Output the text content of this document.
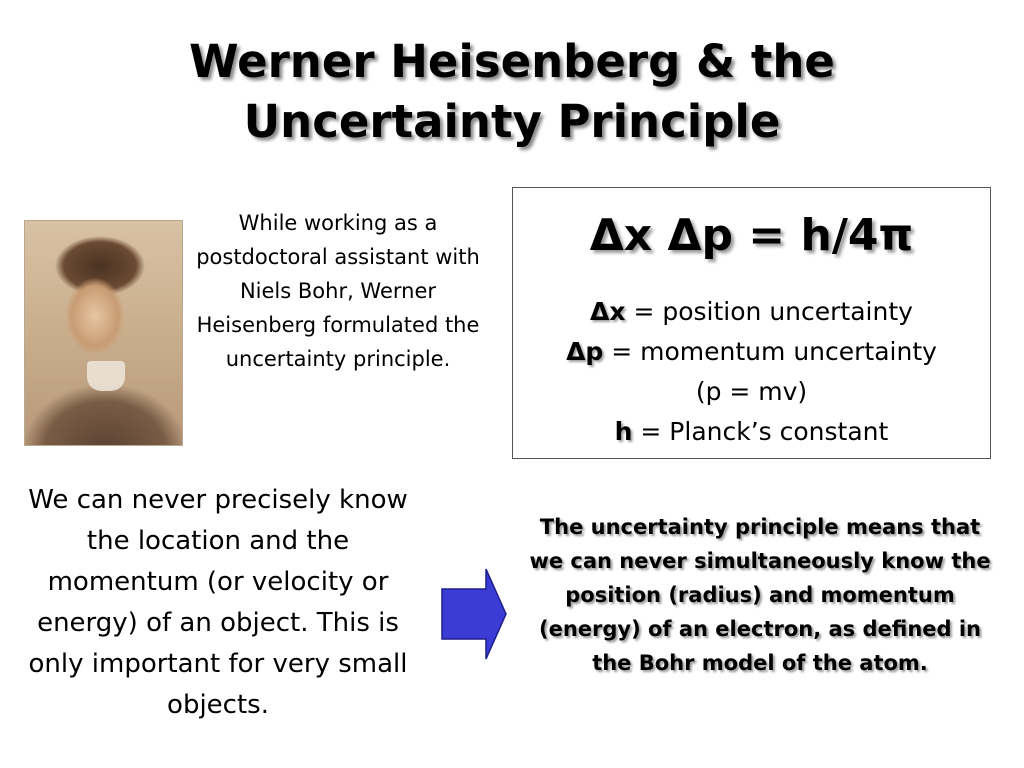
Werner Heisenberg & the
Uncertainty Principle
While working as a postdoctoral assistant with Niels Bohr, Werner Heisenberg formulated the uncertainty principle.
Δx Δp = h/4π
Δx = position uncertainty
Δp = momentum uncertainty
(p = mv)
h = Planck’s constant
We can never precisely know the location and the momentum (or velocity or energy) of an object. This is only important for very small objects.
The uncertainty principle means that we can never simultaneously know the position (radius) and momentum (energy) of an electron, as defined in the Bohr model of the atom.
